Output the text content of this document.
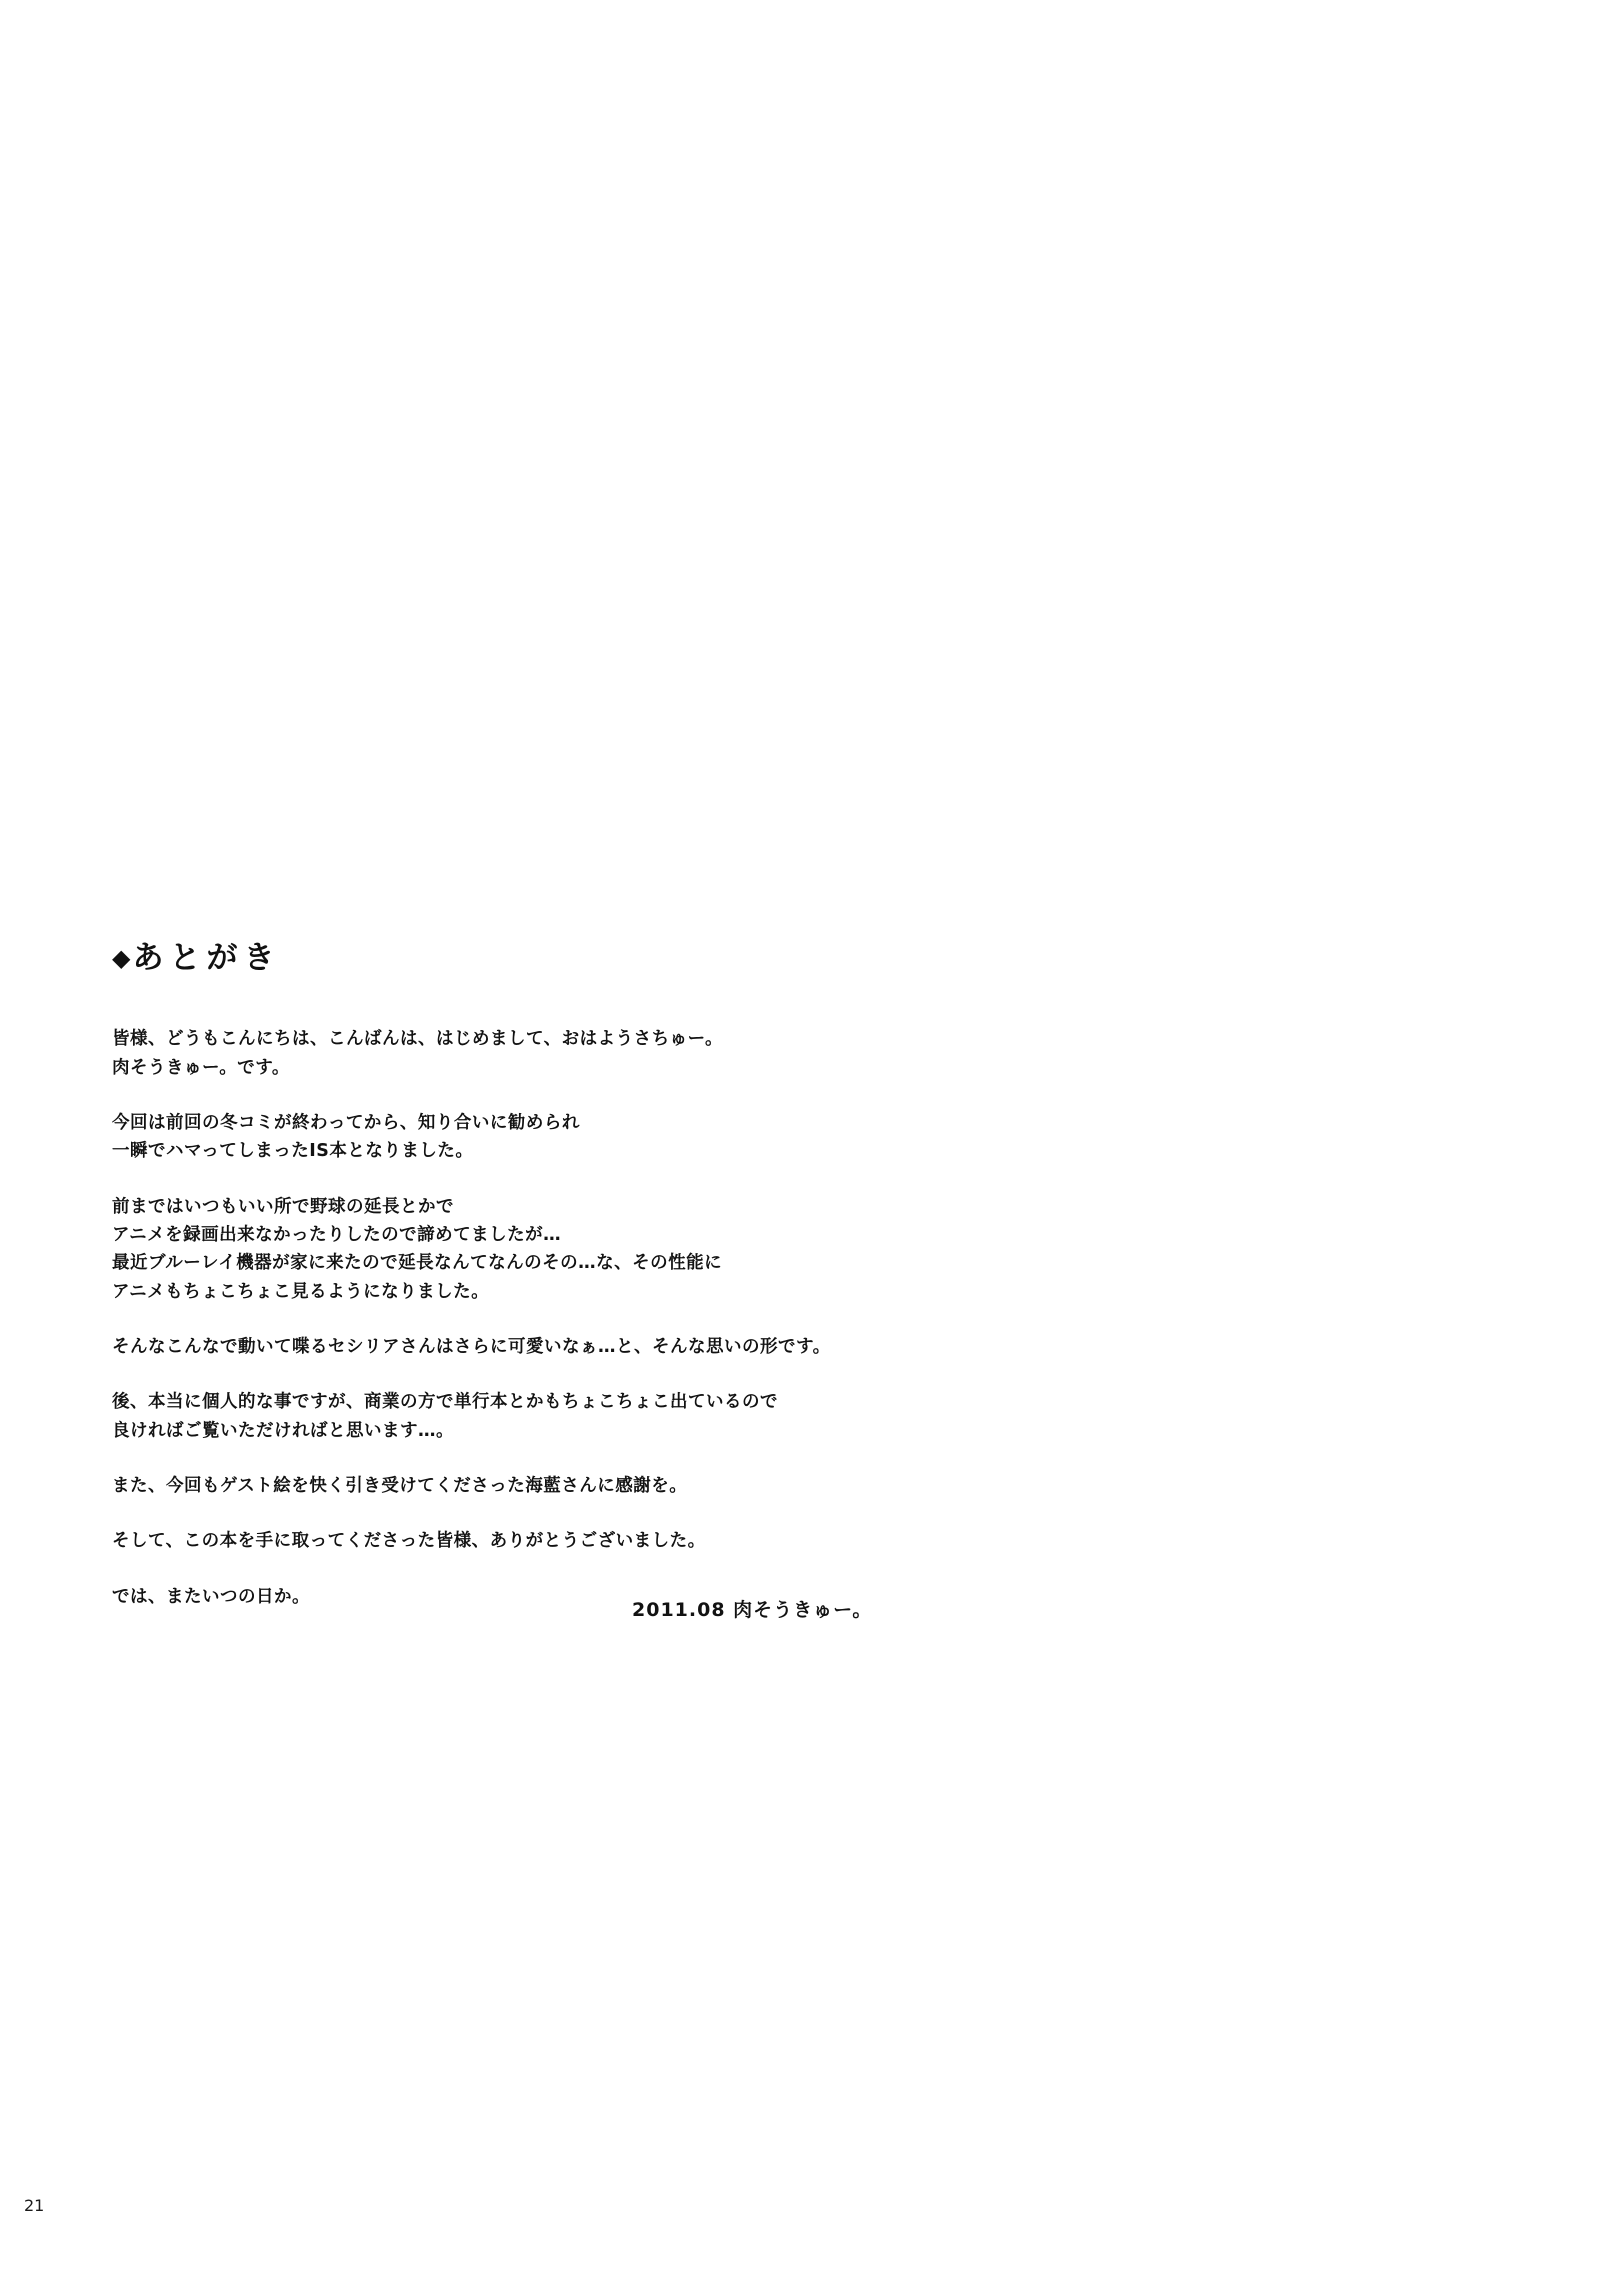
◆あとがき

皆様、どうもこんにちは、こんばんは、はじめまして、おはようさちゅー。
肉そうきゅー。です。

今回は前回の冬コミが終わってから、知り合いに勧められ
一瞬でハマってしまったIS本となりました。

前まではいつもいい所で野球の延長とかで
アニメを録画出来なかったりしたので諦めてましたが…
最近ブルーレイ機器が家に来たので延長なんてなんのその…な、その性能に
アニメもちょこちょこ見るようになりました。

そんなこんなで動いて喋るセシリアさんはさらに可愛いなぁ…と、そんな思いの形です。

後、本当に個人的な事ですが、商業の方で単行本とかもちょこちょこ出ているので
良ければご覧いただければと思います…。

また、今回もゲスト絵を快く引き受けてくださった海藍さんに感謝を。

そして、この本を手に取ってくださった皆様、ありがとうございました。

では、またいつの日か。

2011.08 肉そうきゅー。
21
